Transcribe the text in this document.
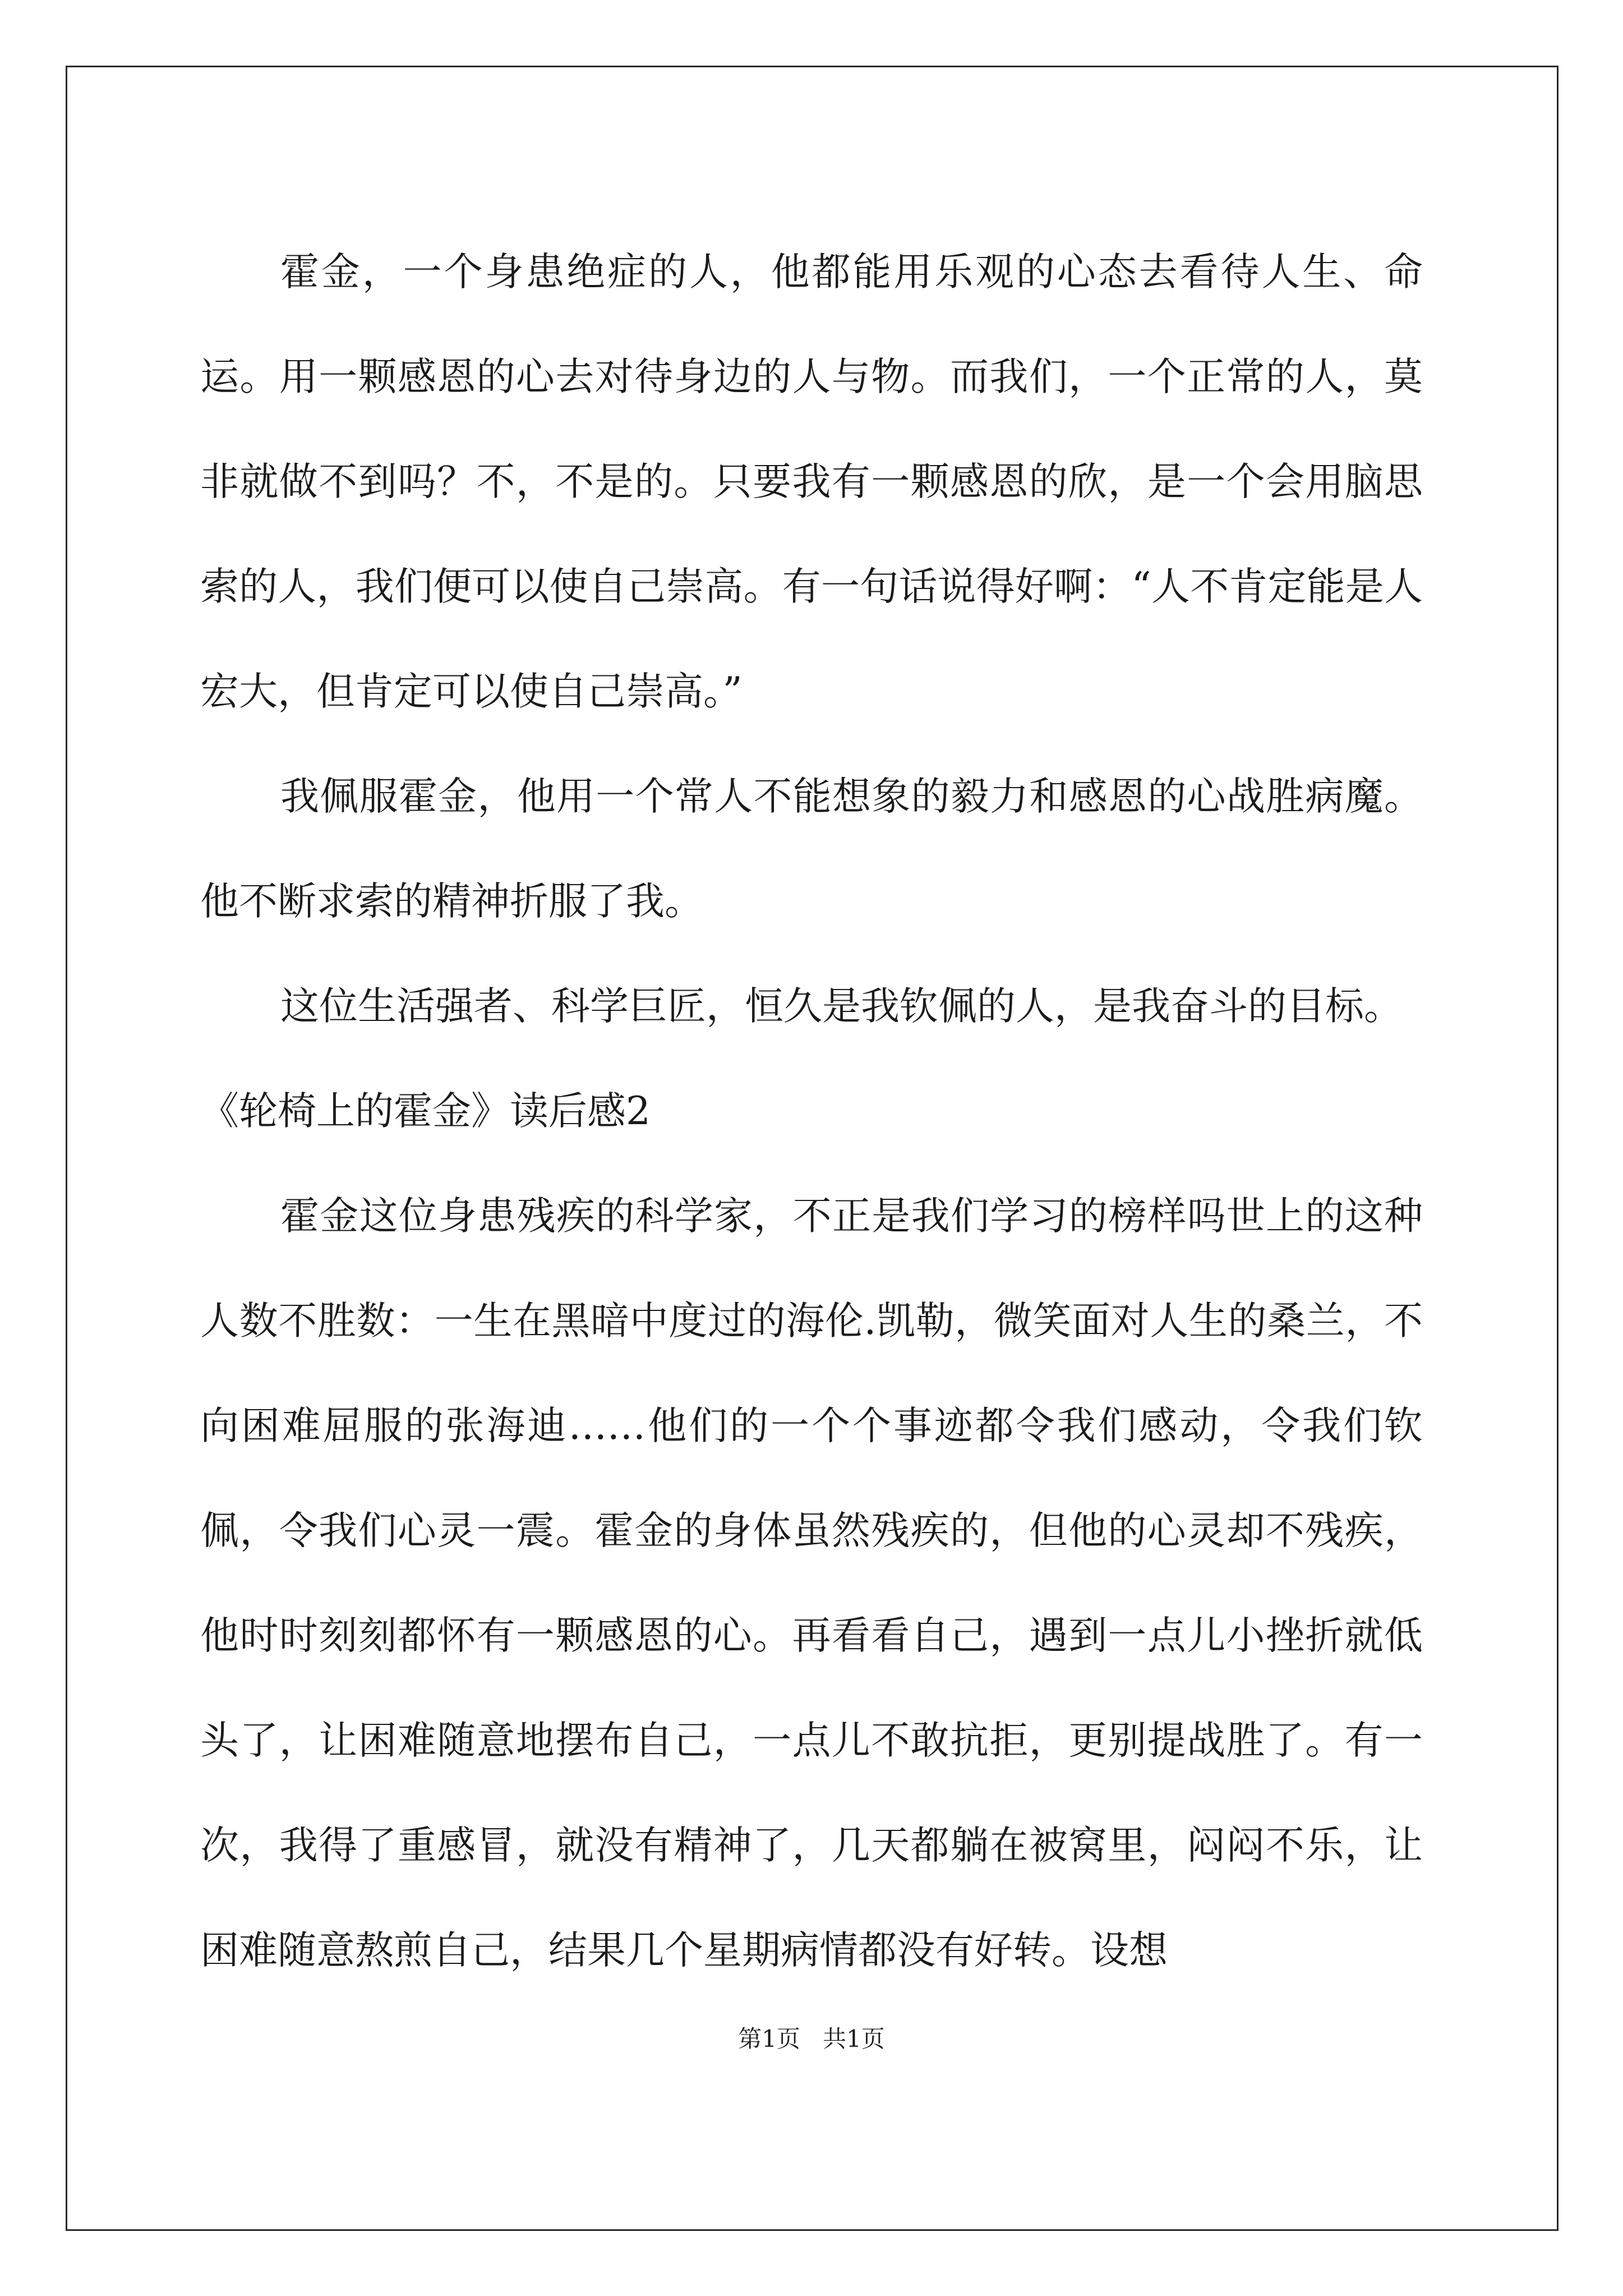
霍金，一个身患绝症的人，他都能用乐观的心态去看待人生、命运。用一颗感恩的心去对待身边的人与物。而我们，一个正常的人，莫非就做不到吗？不，不是的。只要我有一颗感恩的欣，是一个会用脑思索的人，我们便可以使自己崇高。有一句话说得好啊：“人不肯定能是人宏大，但肯定可以使自己崇高。”

我佩服霍金，他用一个常人不能想象的毅力和感恩的心战胜病魔。他不断求索的精神折服了我。

这位生活强者、科学巨匠，恒久是我钦佩的人，是我奋斗的目标。

《轮椅上的霍金》读后感2

霍金这位身患残疾的科学家，不正是我们学习的榜样吗世上的这种人数不胜数：一生在黑暗中度过的海伦.凯勒，微笑面对人生的桑兰，不向困难屈服的张海迪……他们的一个个事迹都令我们感动，令我们钦佩，令我们心灵一震。霍金的身体虽然残疾的，但他的心灵却不残疾，他时时刻刻都怀有一颗感恩的心。再看看自己，遇到一点儿小挫折就低头了，让困难随意地摆布自己，一点儿不敢抗拒，更别提战胜了。有一次，我得了重感冒，就没有精神了，几天都躺在被窝里，闷闷不乐，让困难随意熬煎自己，结果几个星期病情都没有好转。设想

第1页 共1页
